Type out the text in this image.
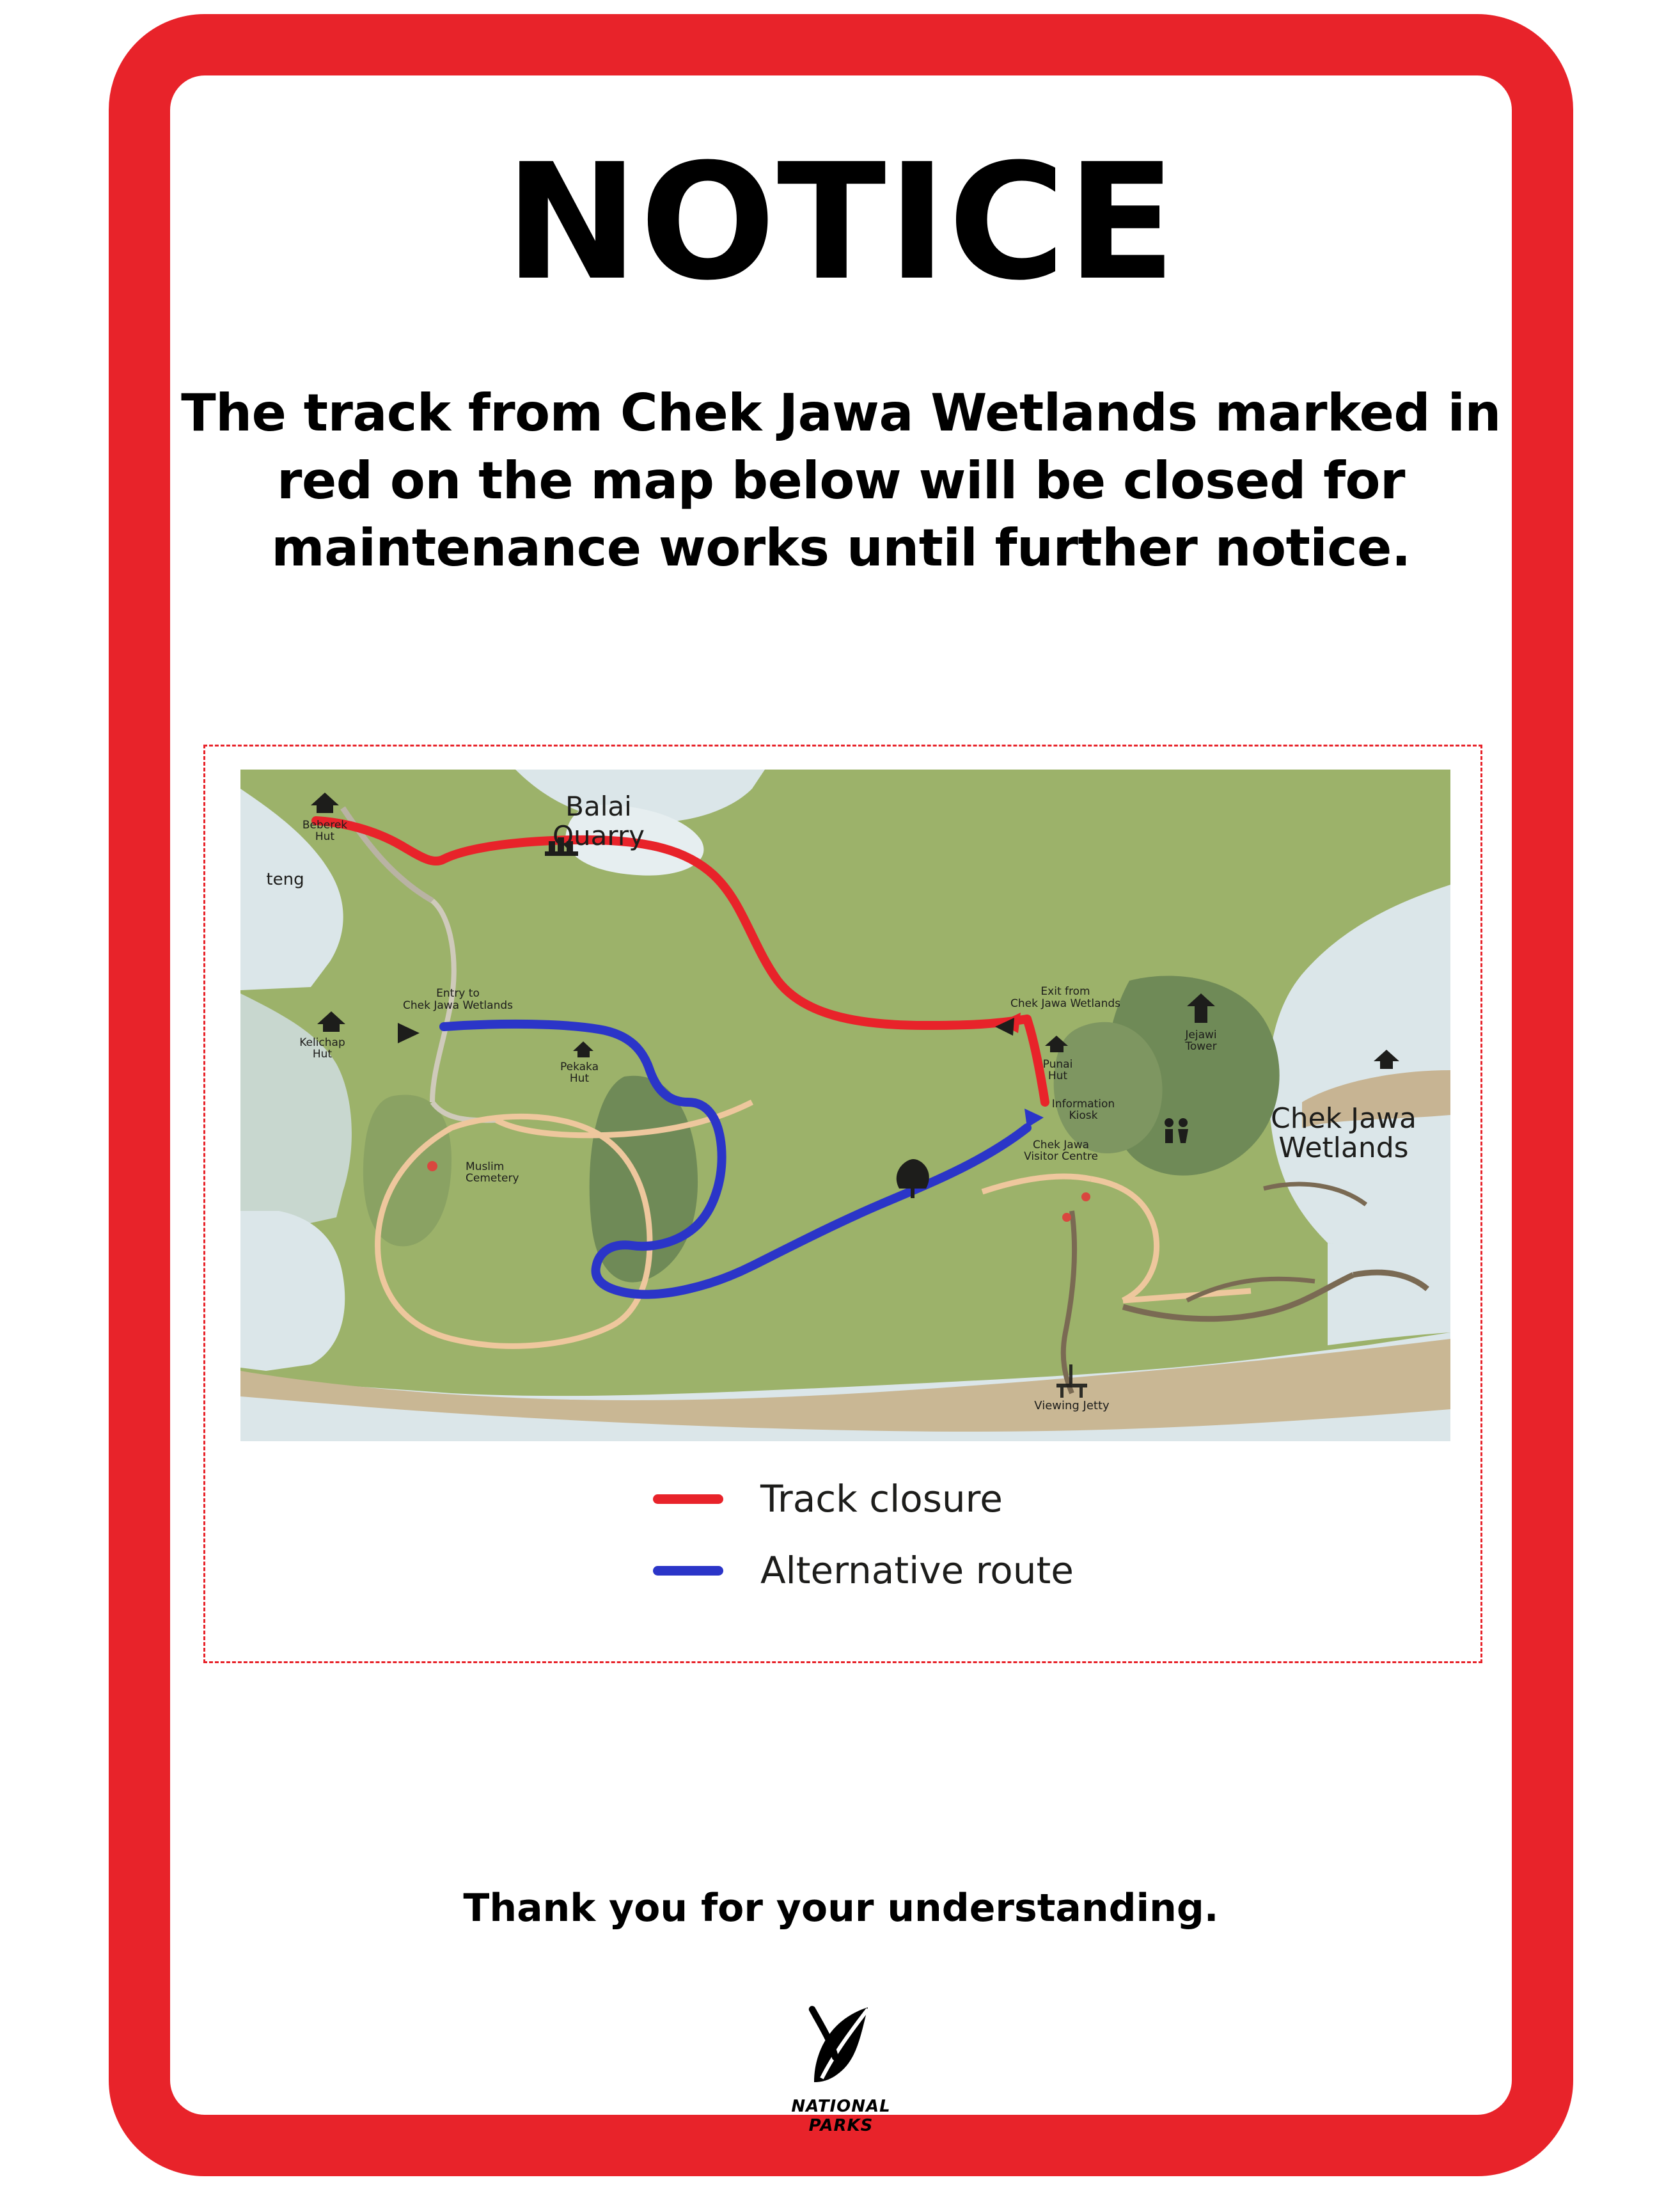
NOTICE

The track from Chek Jawa Wetlands marked in red on the map below will be closed for maintenance works until further notice.

Balai
Quarry
Chek Jawa
Wetlands
Beberek
Hut
teng
Entry to
Chek Jawa Wetlands
Exit from
Chek Jawa Wetlands
Kelichap
Hut
Pekaka
Hut
Punai
Hut
Jejawi
Tower
Muslim
Cemetery
Information
Kiosk
Chek Jawa
Visitor Centre
Viewing Jetty
Track closure
Alternative route
Thank you for your understanding.
NATIONAL
PARKS
